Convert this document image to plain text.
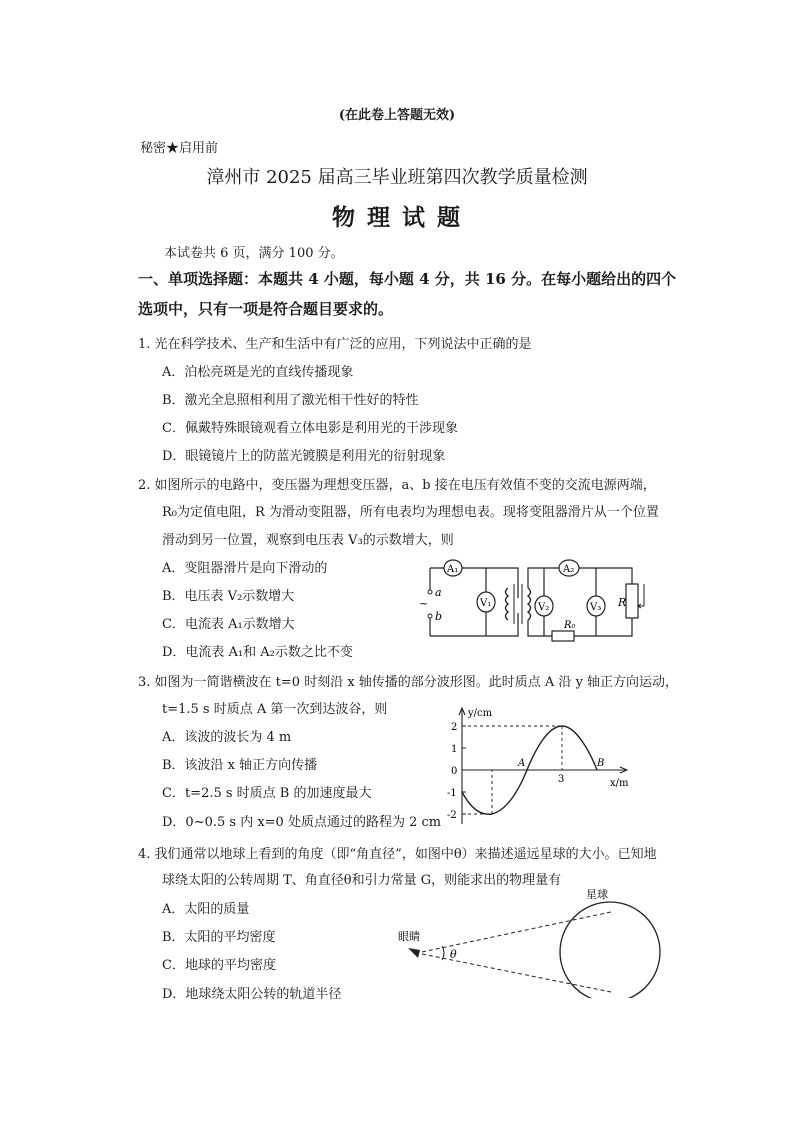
(在此卷上答题无效)
秘密★启用前
漳州市 2025 届高三毕业班第四次教学质量检测
物 理 试 题
本试卷共 6 页，满分 100 分。
一、单项选择题：本题共 4 小题，每小题 4 分，共 16 分。在每小题给出的四个
选项中，只有一项是符合题目要求的。
1. 光在科学技术、生产和生活中有广泛的应用，下列说法中正确的是
A．泊松亮斑是光的直线传播现象
B．激光全息照相利用了激光相干性好的特性
C．佩戴特殊眼镜观看立体电影是利用光的干涉现象
D．眼镜镜片上的防蓝光镀膜是利用光的衍射现象
2. 如图所示的电路中，变压器为理想变压器，a、b 接在电压有效值不变的交流电源两端，
R₀为定值电阻，R 为滑动变阻器，所有电表均为理想电表。现将变阻器滑片从一个位置
滑动到另一位置，观察到电压表 V₃的示数增大，则
A．变阻器滑片是向下滑动的
B．电压表 V₂示数增大
C．电流表 A₁示数增大
D．电流表 A₁和 A₂示数之比不变
A₁
V₁
A₂
V₂	V₃ R
R₀
~
a
b
3. 如图为一简谐横波在 t=0 时刻沿 x 轴传播的部分波形图。此时质点 A 沿 y 轴正方向运动，
t=1.5 s 时质点 A 第一次到达波谷，则
A．该波的波长为 4 m
B．该波沿 x 轴正方向传播
C．t=2.5 s 时质点 B 的加速度最大
D．0~0.5 s 内 x=0 处质点通过的路程为 2 cm
y/cm
x/m
2
1
0
-1
-2
3
A	B
4. 我们通常以地球上看到的角度（即“角直径”，如图中θ）来描述遥远星球的大小。已知地
球绕太阳的公转周期 T、角直径θ和引力常量 G，则能求出的物理量有
A．太阳的质量
B．太阳的平均密度
C．地球的平均密度
D．地球绕太阳公转的轨道半径
眼睛
θ
星球
